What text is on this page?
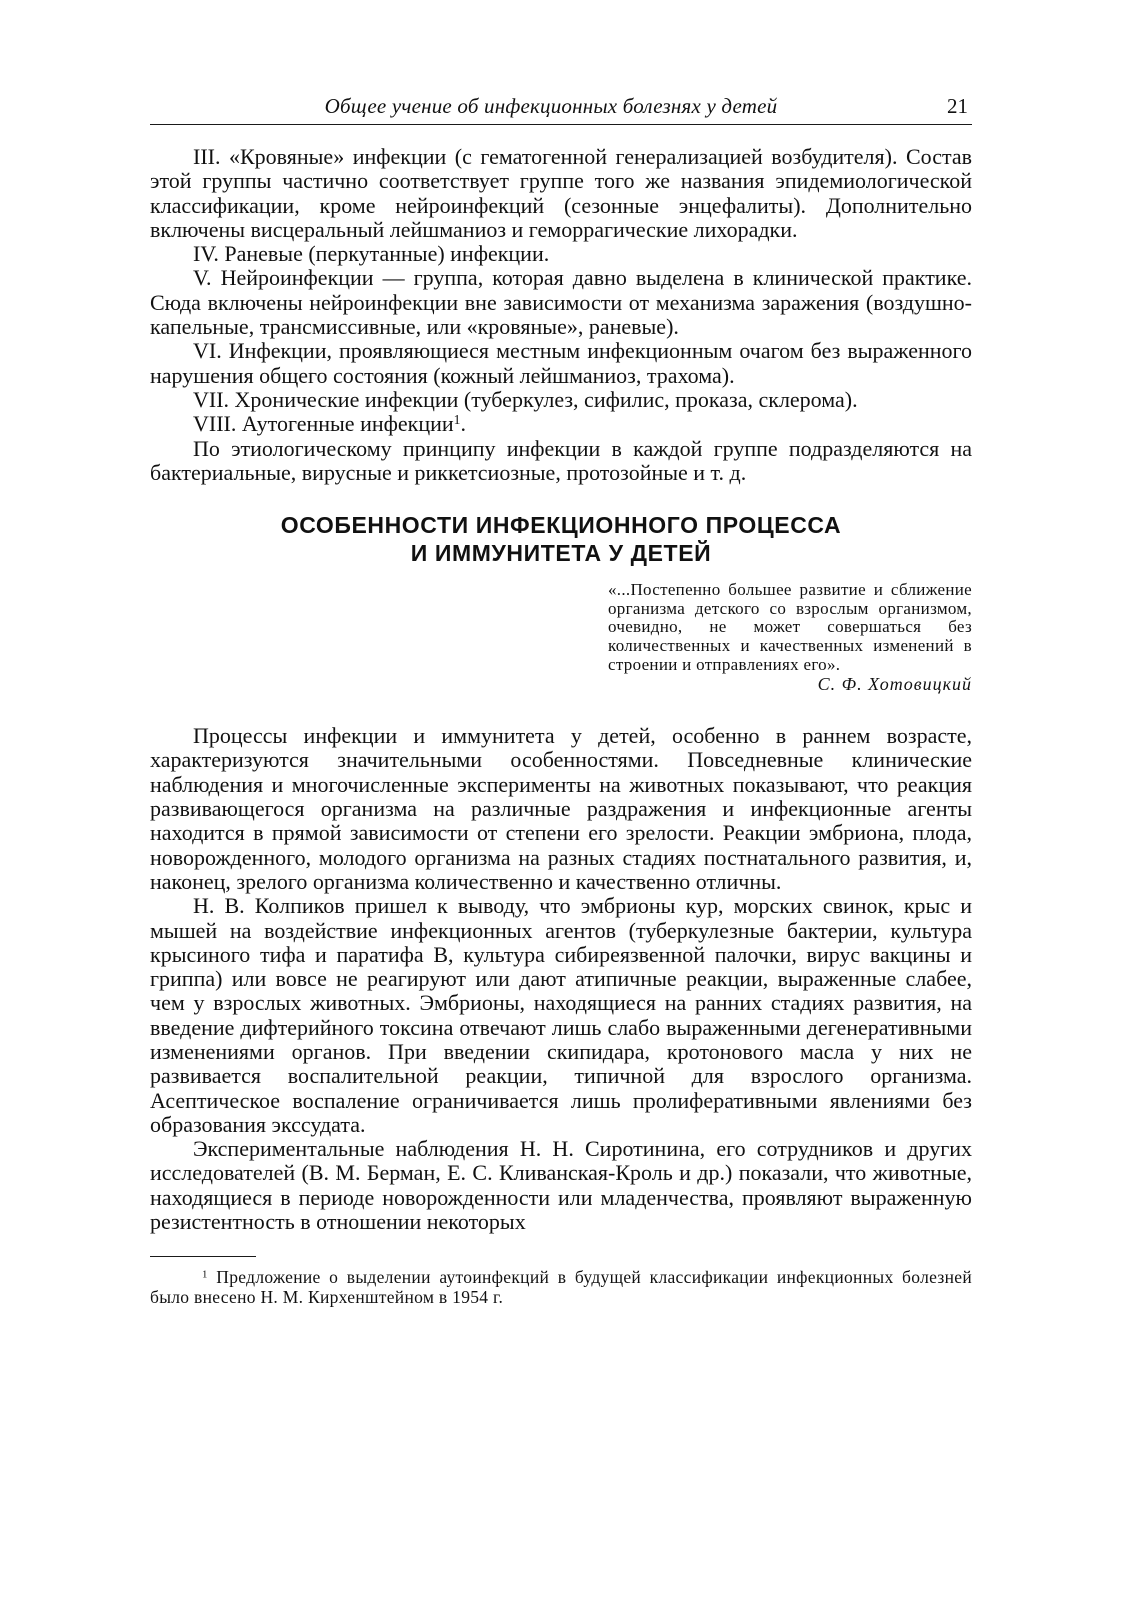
Общее учение об инфекционных болезнях у детей	21

III. «Кровяные» инфекции (с гематогенной генерализацией возбудителя). Состав этой группы частично соответствует группе того же названия эпидемиологической классификации, кроме нейроинфекций (сезонные энцефалиты). Дополнительно включены висцеральный лейшманиоз и геморрагические лихорадки.

IV. Раневые (перкутанные) инфекции.

V. Нейроинфекции — группа, которая давно выделена в клинической практике. Сюда включены нейроинфекции вне зависимости от механизма заражения (воздушно-капельные, трансмиссивные, или «кровяные», раневые).

VI. Инфекции, проявляющиеся местным инфекционным очагом без выраженного нарушения общего состояния (кожный лейшманиоз, трахома).

VII. Хронические инфекции (туберкулез, сифилис, проказа, склерома).

VIII. Аутогенные инфекции$^1$.

По этиологическому принципу инфекции в каждой группе подразделяются на бактериальные, вирусные и риккетсиозные, протозойные и т. д.

ОСОБЕННОСТИ ИНФЕКЦИОННОГО ПРОЦЕССА
И ИММУНИТЕТА У ДЕТЕЙ
«...Постепенно большее развитие и сближение организма детского со взрослым организмом, очевидно, не может совершаться без количественных и качественных изменений в строении и отправлениях его».
С. Ф. Хотовицкий

Процессы инфекции и иммунитета у детей, особенно в раннем возрасте, характеризуются значительными особенностями. Повседневные клинические наблюдения и многочисленные эксперименты на животных показывают, что реакция развивающегося организма на различные раздражения и инфекционные агенты находится в прямой зависимости от степени его зрелости. Реакции эмбриона, плода, новорожденного, молодого организма на разных стадиях постнатального развития, и, наконец, зрелого организма количественно и качественно отличны.

Н. В. Колпиков пришел к выводу, что эмбрионы кур, морских свинок, крыс и мышей на воздействие инфекционных агентов (туберкулезные бактерии, культура крысиного тифа и паратифа В, культура сибиреязвенной палочки, вирус вакцины и гриппа) или вовсе не реагируют или дают атипичные реакции, выраженные слабее, чем у взрослых животных. Эмбрионы, находящиеся на ранних стадиях развития, на введение дифтерийного токсина отвечают лишь слабо выраженными дегенеративными изменениями органов. При введении скипидара, кротонового масла у них не развивается воспалительной реакции, типичной для взрослого организма. Асептическое воспаление ограничивается лишь пролиферативными явлениями без образования экссудата.

Экспериментальные наблюдения Н. Н. Сиротинина, его сотрудников и других исследователей (В. М. Берман, Е. С. Кливанская-Кроль и др.) показали, что животные, находящиеся в периоде новорожденности или младенчества, проявляют выраженную резистентность в отношении некоторых

$^1$ Предложение о выделении аутоинфекций в будущей классификации инфекционных болезней было внесено Н. М. Кирхенштейном в 1954 г.
